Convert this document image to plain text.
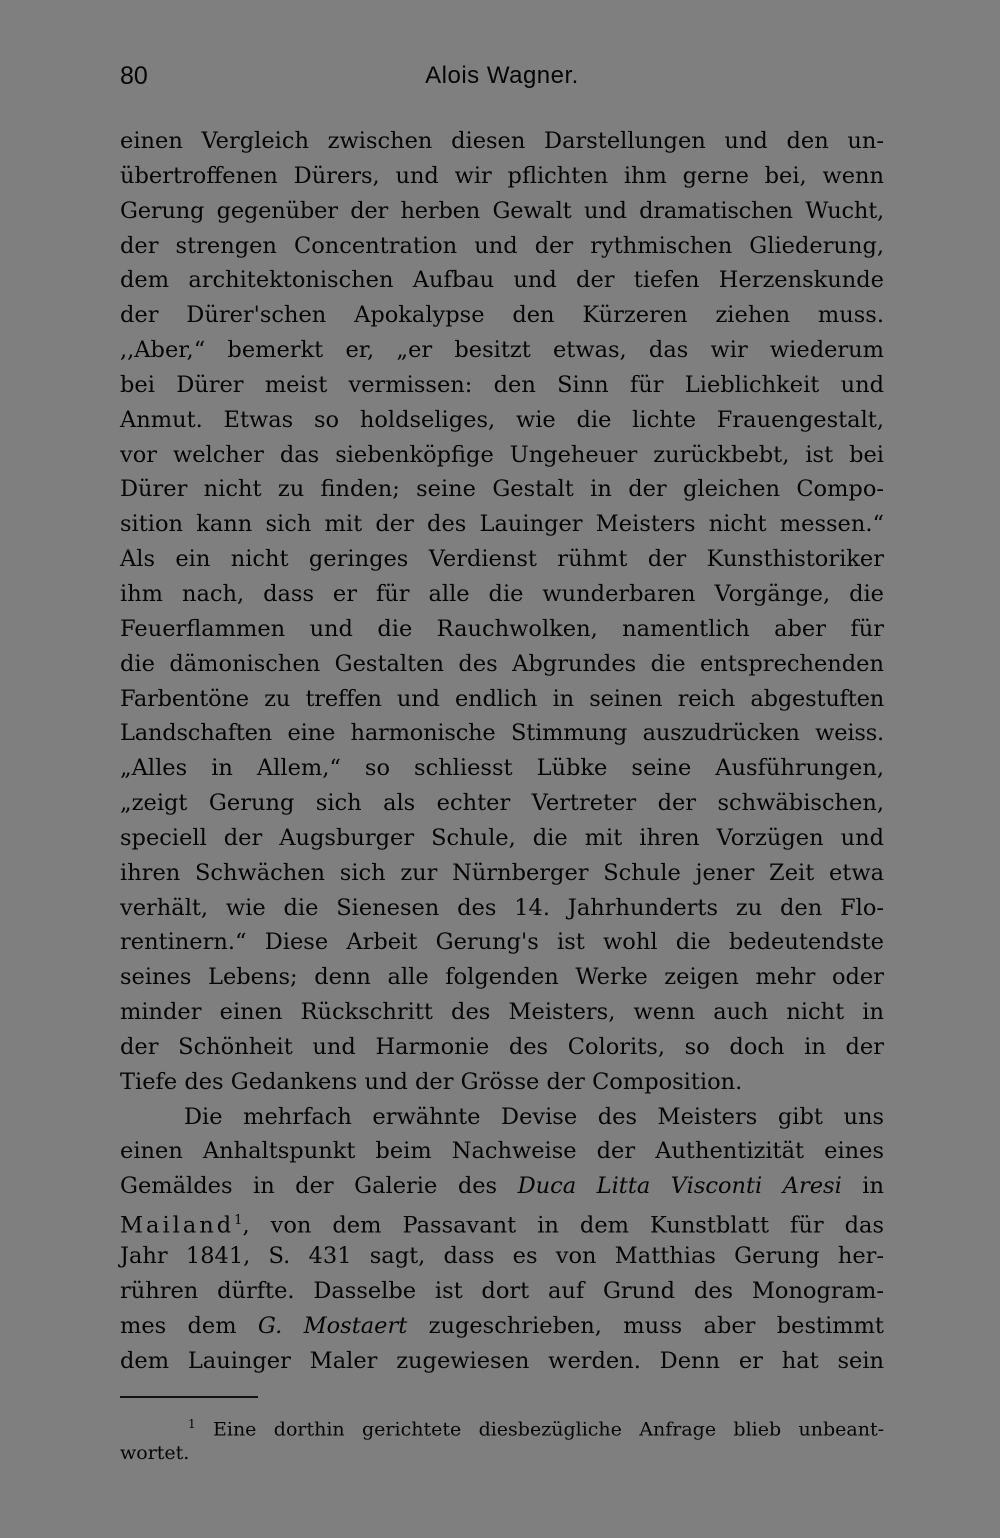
80	Alois Wagner.
einen Vergleich zwischen diesen Darstellungen und den un-
übertroffenen Dürers, und wir pflichten ihm gerne bei, wenn
Gerung gegenüber der herben Gewalt und dramatischen Wucht,
der strengen Concentration und der rythmischen Gliederung,
dem architektonischen Aufbau und der tiefen Herzenskunde
der Dürer'schen Apokalypse den Kürzeren ziehen muss.
,,Aber,“ bemerkt er, „er besitzt etwas, das wir wiederum
bei Dürer meist vermissen: den Sinn für Lieblichkeit und
Anmut. Etwas so holdseliges, wie die lichte Frauengestalt,
vor welcher das siebenköpfige Ungeheuer zurückbebt, ist bei
Dürer nicht zu finden; seine Gestalt in der gleichen Compo-
sition kann sich mit der des Lauinger Meisters nicht messen.“
Als ein nicht geringes Verdienst rühmt der Kunsthistoriker
ihm nach, dass er für alle die wunderbaren Vorgänge, die
Feuerflammen und die Rauchwolken, namentlich aber für
die dämonischen Gestalten des Abgrundes die entsprechenden
Farbentöne zu treffen und endlich in seinen reich abgestuften
Landschaften eine harmonische Stimmung auszudrücken weiss.
„Alles in Allem,“ so schliesst Lübke seine Ausführungen,
„zeigt Gerung sich als echter Vertreter der schwäbischen,
speciell der Augsburger Schule, die mit ihren Vorzügen und
ihren Schwächen sich zur Nürnberger Schule jener Zeit etwa
verhält, wie die Sienesen des 14. Jahrhunderts zu den Flo-
rentinern.“ Diese Arbeit Gerung's ist wohl die bedeutendste
seines Lebens; denn alle folgenden Werke zeigen mehr oder
minder einen Rückschritt des Meisters, wenn auch nicht in
der Schönheit und Harmonie des Colorits, so doch in der
Tiefe des Gedankens und der Grösse der Composition.
Die mehrfach erwähnte Devise des Meisters gibt uns
einen Anhaltspunkt beim Nachweise der Authentizität eines
Gemäldes in der Galerie des Duca Litta Visconti Aresi in
Mailand$^1$, von dem Passavant in dem Kunstblatt für das
Jahr 1841, S. 431 sagt, dass es von Matthias Gerung her-
rühren dürfte. Dasselbe ist dort auf Grund des Monogram-
mes dem G. Mostaert zugeschrieben, muss aber bestimmt
dem Lauinger Maler zugewiesen werden. Denn er hat sein
$^1$ Eine dorthin gerichtete diesbezügliche Anfrage blieb unbeant-
wortet.
